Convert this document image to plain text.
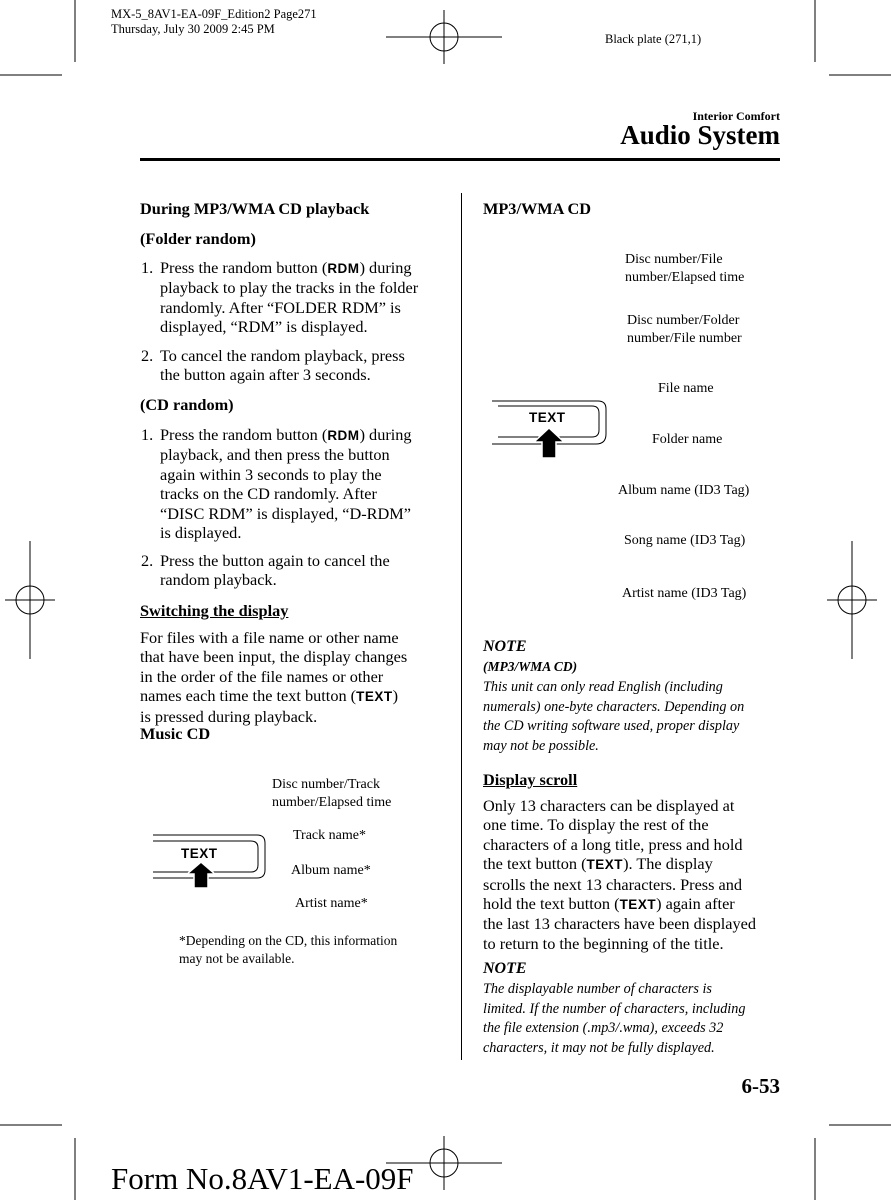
MX-5_8AV1-EA-09F_Edition2 Page271
Thursday, July 30 2009 2:45 PM
Black plate (271,1)
Interior Comfort
Audio System
During MP3/WMA CD playback
(Folder random)
1. Press the random button (RDM) during
playback to play the tracks in the folder
randomly. After “FOLDER RDM” is
displayed, “RDM” is displayed.
2. To cancel the random playback, press
the button again after 3 seconds.
(CD random)
1. Press the random button (RDM) during
playback, and then press the button
again within 3 seconds to play the
tracks on the CD randomly. After
“DISC RDM” is displayed, “D-RDM”
is displayed.
2. Press the button again to cancel the
random playback.
Switching the display
For files with a file name or other name
that have been input, the display changes
in the order of the file names or other
names each time the text button (TEXT)
is pressed during playback.
Music CD
TEXT
Disc number/Track
number/Elapsed time
Track name*
Album name*
Artist name*
*Depending on the CD, this information
may not be available.
MP3/WMA CD
TEXT
Disc number/File
number/Elapsed time
Disc number/Folder
number/File number
File name
Folder name
Album name (ID3 Tag)
Song name (ID3 Tag)
Artist name (ID3 Tag)
NOTE
(MP3/WMA CD)
This unit can only read English (including
numerals) one-byte characters. Depending on
the CD writing software used, proper display
may not be possible.
Display scroll
Only 13 characters can be displayed at
one time. To display the rest of the
characters of a long title, press and hold
the text button (TEXT). The display
scrolls the next 13 characters. Press and
hold the text button (TEXT) again after
the last 13 characters have been displayed
to return to the beginning of the title.
NOTE
The displayable number of characters is
limited. If the number of characters, including
the file extension (.mp3/.wma), exceeds 32
characters, it may not be fully displayed.
6-53
Form No.8AV1-EA-09F
